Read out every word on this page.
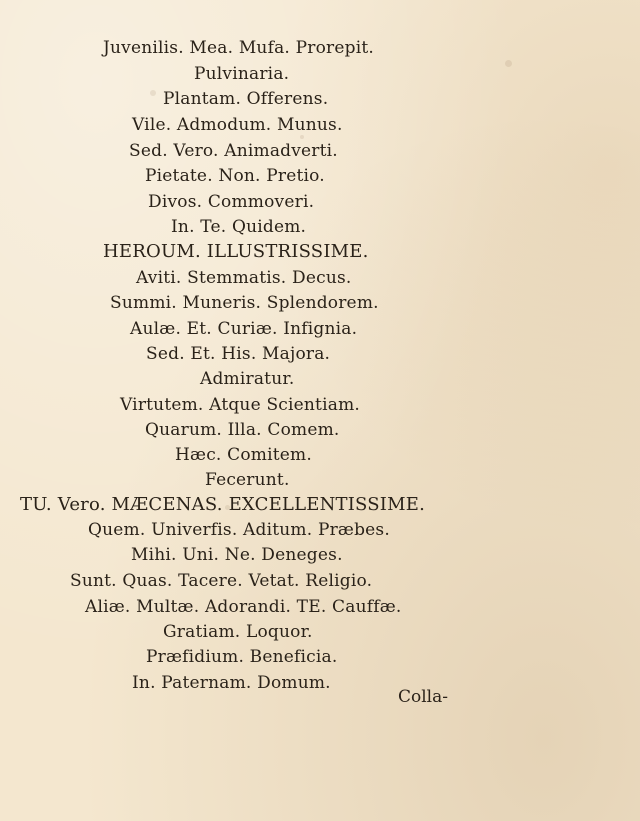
Juvenilis. Mea. Mufa. Prorepit.
Pulvinaria.
Plantam. Offerens.
Vile. Admodum. Munus.
Sed. Vero. Animadverti.
Pietate. Non. Pretio.
Divos. Commoveri.
In. Te. Quidem.
HEROUM. ILLUSTRISSIME.
Aviti. Stemmatis. Decus.
Summi. Muneris. Splendorem.
Aulæ. Et. Curiæ. Infignia.
Sed. Et. His. Majora.
Admiratur.
Virtutem. Atque Scientiam.
Quarum. Illa. Comem.
Hæc. Comitem.
Fecerunt.
TU. Vero. MÆCENAS. EXCELLENTISSIME.
Quem. Univerfis. Aditum. Præbes.
Mihi. Uni. Ne. Deneges.
Sunt. Quas. Tacere. Vetat. Religio.
Aliæ. Multæ. Adorandi. TE. Cauffæ.
Gratiam. Loquor.
Præfidium. Beneficia.
In. Paternam. Domum.
Colla-
